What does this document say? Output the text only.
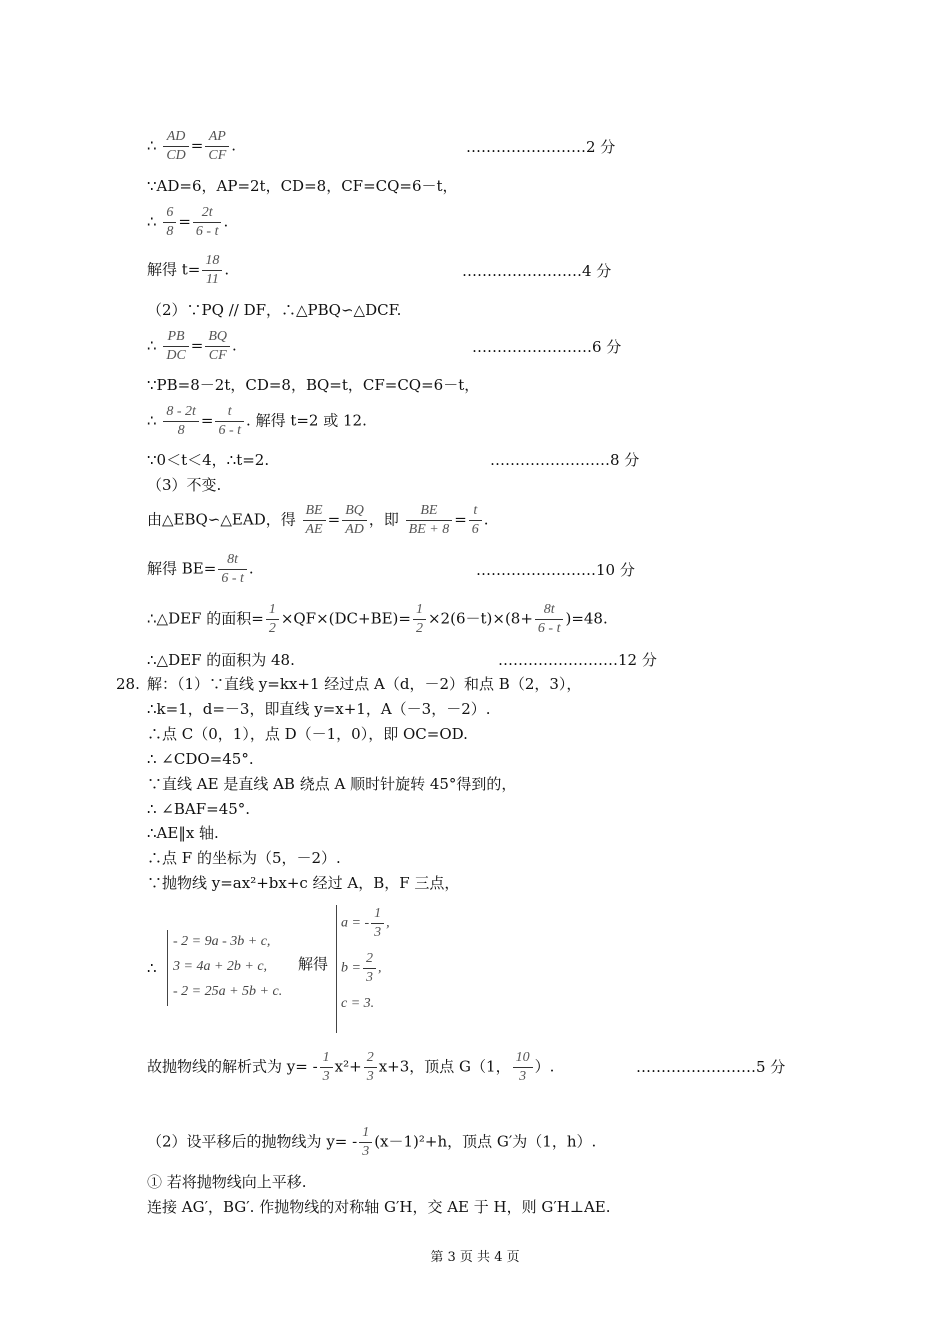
∴ $\frac{AD}{CD} = \frac{AP}{CF}$ .	……………………2 分
∵AD=6，AP=2t，CD=8，CF=CQ=6－t，
∴ $\frac{6}{8} = \frac{2t}{6 - t}$ .
解得 $t= \frac{18}{11}$ .	……………………4 分
（2）∵PQ // DF，∴△PBQ∽△DCF.
∴ $\frac{PB}{DC} = \frac{BQ}{CF}$ .	……………………6 分
∵PB=8－2t，CD=8，BQ=t，CF=CQ=6－t，
∴ $\frac{8 - 2t}{8} = \frac{t}{6 - t}$ . 解得 t=2 或 12.
∵0＜t＜4，∴t=2.	……………………8 分
（3）不变.
由△EBQ∽△EAD，得 $\frac{BE}{AE} = \frac{BQ}{AD}$ ，即 $\frac{BE}{BE + 8} = \frac{t}{6}$ .
解得 $BE= \frac{8t}{6 - t}$ .	……………………10 分
∴△DEF 的面积= $\frac{1}{2} \times QF\times(DC+BE)= \frac{1}{2} \times 2(6-t)\times(8+ \frac{8t}{6 - t} )=48$.
∴△DEF 的面积为 48.	……………………12 分
28. 解：（1）∵直线 y=kx+1 经过点 A（d，－2）和点 B（2，3），
∴k=1，d=－3，即直线 y=x+1，A（－3，－2）.
∴点 C（0，1），点 D（－1，0），即 OC=OD.
∴ ∠CDO=45°.
∵直线 AE 是直线 AB 绕点 A 顺时针旋转 45°得到的，
∴ ∠BAF=45°.
∴AE‖x 轴.
∴点 F 的坐标为（5，－2）.
∵抛物线 y=ax²+bx+c 经过 A，B，F 三点，
∴
- 2 = 9a - 3b + c,
3 = 4a + 2b + c,
- 2 = 25a + 5b + c.
解得
a = - $\frac{1}{3}$ ,
$b = \frac{2}{3}$ ,
c = 3.
故抛物线的解析式为 $y= - \frac{1}{3} x^2+ \frac{2}{3} x+3$，顶点 G（1， $\frac{10}{3}$ ）.	……………………5 分
（2）设平移后的抛物线为 $y= - \frac{1}{3} (x-1)^2+h$，顶点 G′为（1，h）.
① 若将抛物线向上平移.
连接 AG′，BG′. 作抛物线的对称轴 G′H，交 AE 于 H，则 G′H⊥AE.
第 3 页 共 4 页
